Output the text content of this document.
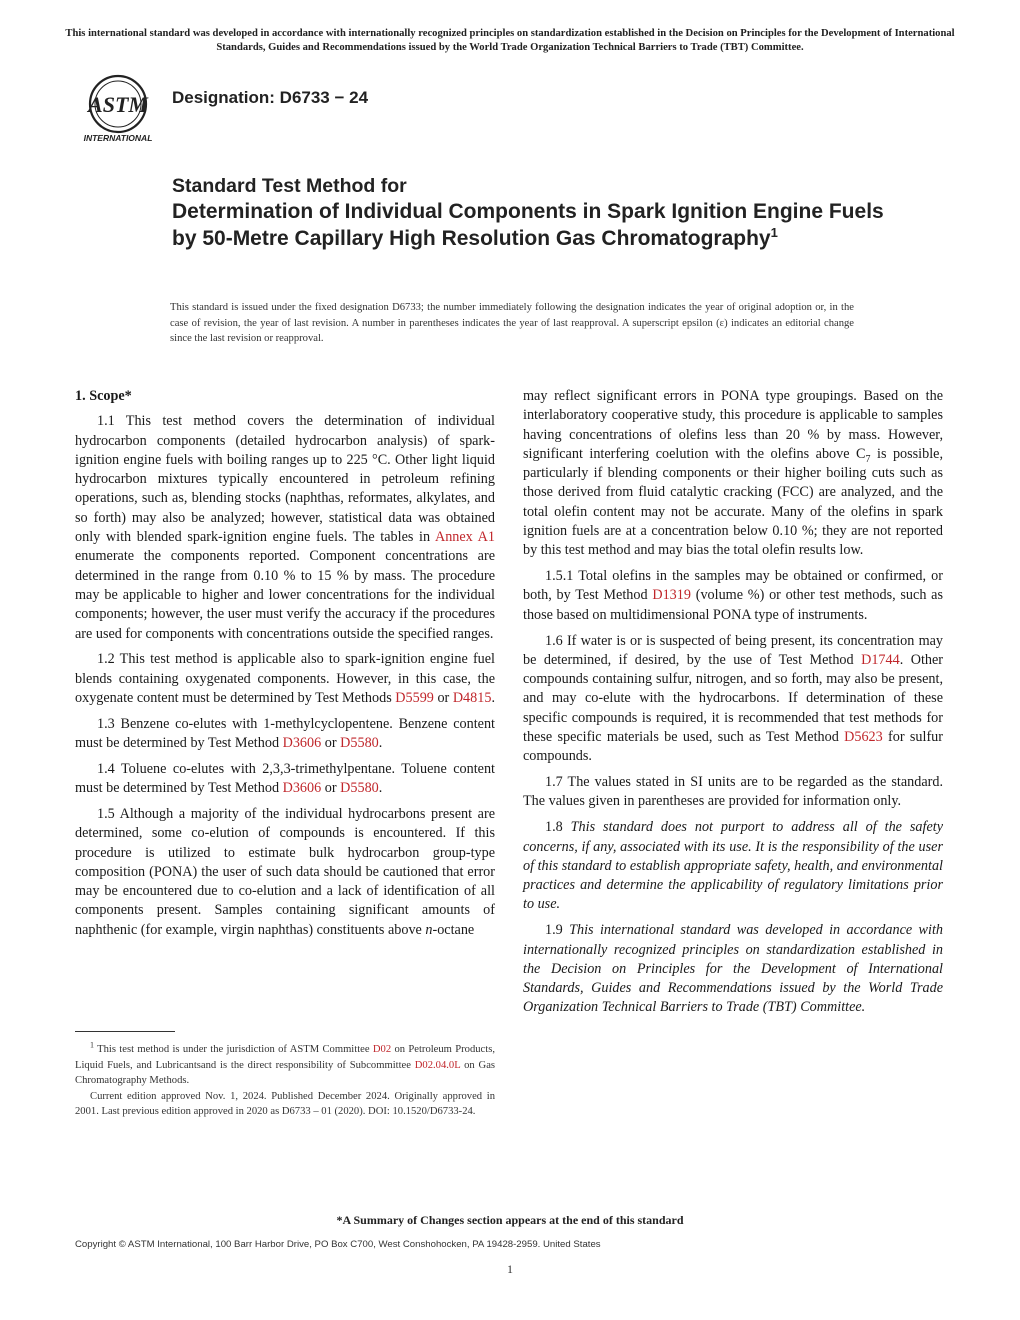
This international standard was developed in accordance with internationally recognized principles on standardization established in the Decision on Principles for the Development of International Standards, Guides and Recommendations issued by the World Trade Organization Technical Barriers to Trade (TBT) Committee.
ASTM
INTERNATIONAL
Designation: D6733 − 24
Standard Test Method for
Determination of Individual Components in Spark Ignition Engine Fuels by 50-Metre Capillary High Resolution Gas Chromatography$^1$
This standard is issued under the fixed designation D6733; the number immediately following the designation indicates the year of original adoption or, in the case of revision, the year of last revision. A number in parentheses indicates the year of last reapproval. A superscript epsilon (ε) indicates an editorial change since the last revision or reapproval.
1. Scope*

1.1 This test method covers the determination of individual hydrocarbon components (detailed hydrocarbon analysis) of spark-ignition engine fuels with boiling ranges up to 225 °C. Other light liquid hydrocarbon mixtures typically encountered in petroleum refining operations, such as, blending stocks (naphthas, reformates, alkylates, and so forth) may also be analyzed; however, statistical data was obtained only with blended spark-ignition engine fuels. The tables in Annex A1 enumerate the components reported. Component concentrations are determined in the range from 0.10 % to 15 % by mass. The procedure may be applicable to higher and lower concentrations for the individual components; however, the user must verify the accuracy if the procedures are used for components with concentrations outside the specified ranges.

1.2 This test method is applicable also to spark-ignition engine fuel blends containing oxygenated components. However, in this case, the oxygenate content must be determined by Test Methods D5599 or D4815.

1.3 Benzene co-elutes with 1-methylcyclopentene. Benzene content must be determined by Test Method D3606 or D5580.

1.4 Toluene co-elutes with 2,3,3-trimethylpentane. Toluene content must be determined by Test Method D3606 or D5580.

1.5 Although a majority of the individual hydrocarbons present are determined, some co-elution of compounds is encountered. If this procedure is utilized to estimate bulk hydrocarbon group-type composition (PONA) the user of such data should be cautioned that error may be encountered due to co-elution and a lack of identification of all components present. Samples containing significant amounts of naphthenic (for example, virgin naphthas) constituents above n-octane

$^1$ This test method is under the jurisdiction of ASTM Committee D02 on Petroleum Products, Liquid Fuels, and Lubricantsand is the direct responsibility of Subcommittee D02.04.0L on Gas Chromatography Methods.

Current edition approved Nov. 1, 2024. Published December 2024. Originally approved in 2001. Last previous edition approved in 2020 as D6733 – 01 (2020). DOI: 10.1520/D6733-24.

may reflect significant errors in PONA type groupings. Based on the interlaboratory cooperative study, this procedure is applicable to samples having concentrations of olefins less than 20 % by mass. However, significant interfering coelution with the olefins above $C_7$ is possible, particularly if blending components or their higher boiling cuts such as those derived from fluid catalytic cracking (FCC) are analyzed, and the total olefin content may not be accurate. Many of the olefins in spark ignition fuels are at a concentration below 0.10 %; they are not reported by this test method and may bias the total olefin results low.

1.5.1 Total olefins in the samples may be obtained or confirmed, or both, by Test Method D1319 (volume %) or other test methods, such as those based on multidimensional PONA type of instruments.

1.6 If water is or is suspected of being present, its concentration may be determined, if desired, by the use of Test Method D1744. Other compounds containing sulfur, nitrogen, and so forth, may also be present, and may co-elute with the hydrocarbons. If determination of these specific compounds is required, it is recommended that test methods for these specific materials be used, such as Test Method D5623 for sulfur compounds.

1.7 The values stated in SI units are to be regarded as the standard. The values given in parentheses are provided for information only.

1.8 This standard does not purport to address all of the safety concerns, if any, associated with its use. It is the responsibility of the user of this standard to establish appropriate safety, health, and environmental practices and determine the applicability of regulatory limitations prior to use.

1.9 This international standard was developed in accordance with internationally recognized principles on standardization established in the Decision on Principles for the Development of International Standards, Guides and Recommendations issued by the World Trade Organization Technical Barriers to Trade (TBT) Committee.

*A Summary of Changes section appears at the end of this standard
Copyright © ASTM International, 100 Barr Harbor Drive, PO Box C700, West Conshohocken, PA 19428-2959. United States
1
